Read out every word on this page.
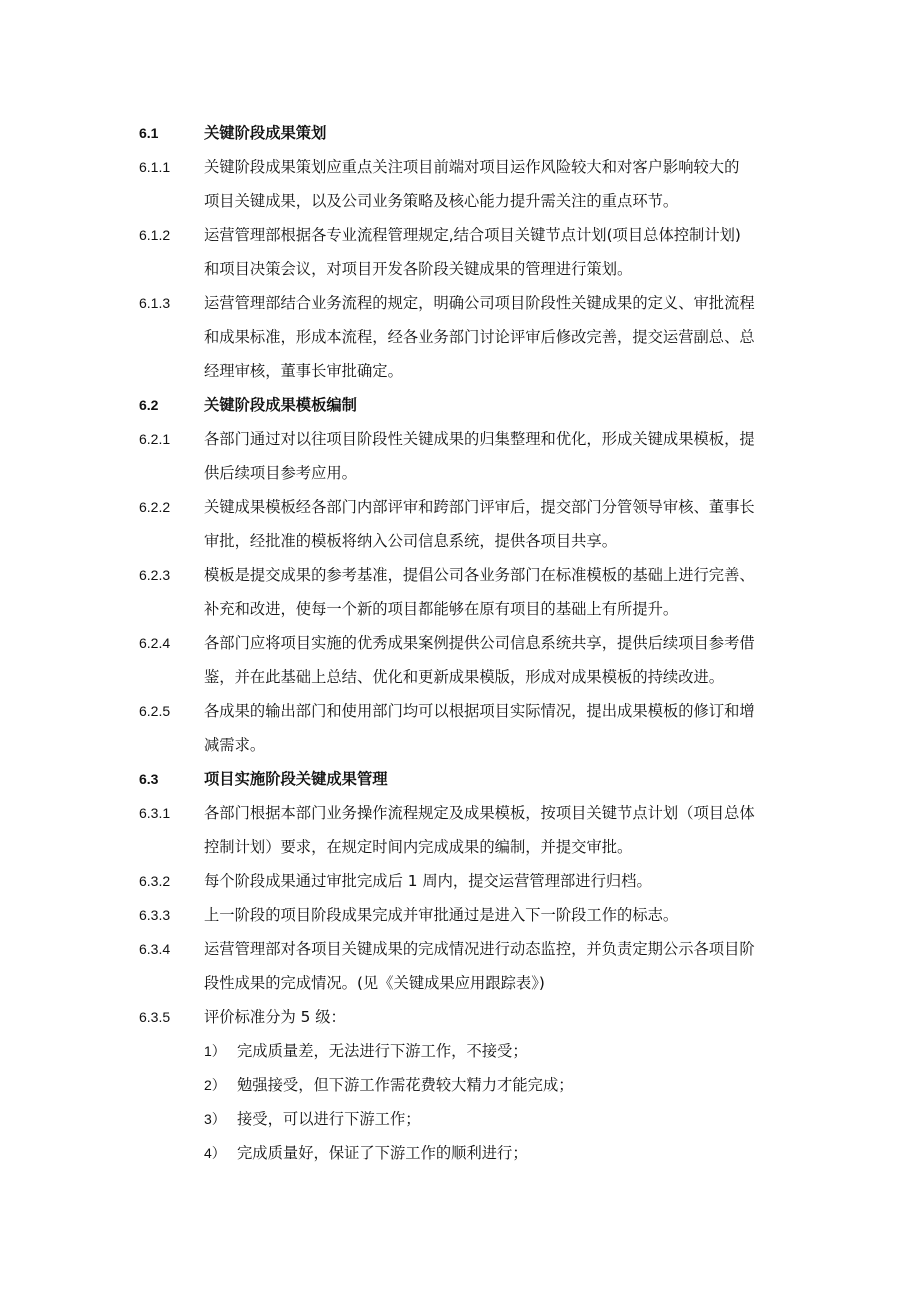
6.1	关键阶段成果策划
6.1.1 关键阶段成果策划应重点关注项目前端对项目运作风险较大和对客户影响较大的
项目关键成果，以及公司业务策略及核心能力提升需关注的重点环节。
6.1.2 运营管理部根据各专业流程管理规定,结合项目关键节点计划(项目总体控制计划)
和项目决策会议，对项目开发各阶段关键成果的管理进行策划。
6.1.3 运营管理部结合业务流程的规定，明确公司项目阶段性关键成果的定义、审批流程
和成果标准，形成本流程，经各业务部门讨论评审后修改完善，提交运营副总、总
经理审核，董事长审批确定。
6.2	关键阶段成果模板编制
6.2.1 各部门通过对以往项目阶段性关键成果的归集整理和优化，形成关键成果模板，提
供后续项目参考应用。
6.2.2 关键成果模板经各部门内部评审和跨部门评审后，提交部门分管领导审核、董事长
审批，经批准的模板将纳入公司信息系统，提供各项目共享。
6.2.3 模板是提交成果的参考基准，提倡公司各业务部门在标准模板的基础上进行完善、
补充和改进，使每一个新的项目都能够在原有项目的基础上有所提升。
6.2.4 各部门应将项目实施的优秀成果案例提供公司信息系统共享，提供后续项目参考借
鉴，并在此基础上总结、优化和更新成果模版，形成对成果模板的持续改进。
6.2.5 各成果的输出部门和使用部门均可以根据项目实际情况，提出成果模板的修订和增
减需求。
6.3	项目实施阶段关键成果管理
6.3.1 各部门根据本部门业务操作流程规定及成果模板，按项目关键节点计划（项目总体
控制计划）要求，在规定时间内完成成果的编制，并提交审批。
6.3.2 每个阶段成果通过审批完成后 1 周内，提交运营管理部进行归档。
6.3.3 上一阶段的项目阶段成果完成并审批通过是进入下一阶段工作的标志。
6.3.4 运营管理部对各项目关键成果的完成情况进行动态监控，并负责定期公示各项目阶
段性成果的完成情况。(见《关键成果应用跟踪表》)
6.3.5 评价标准分为 5 级：
1） 完成质量差，无法进行下游工作，不接受；
2） 勉强接受，但下游工作需花费较大精力才能完成；
3） 接受，可以进行下游工作；
4） 完成质量好，保证了下游工作的顺利进行；
